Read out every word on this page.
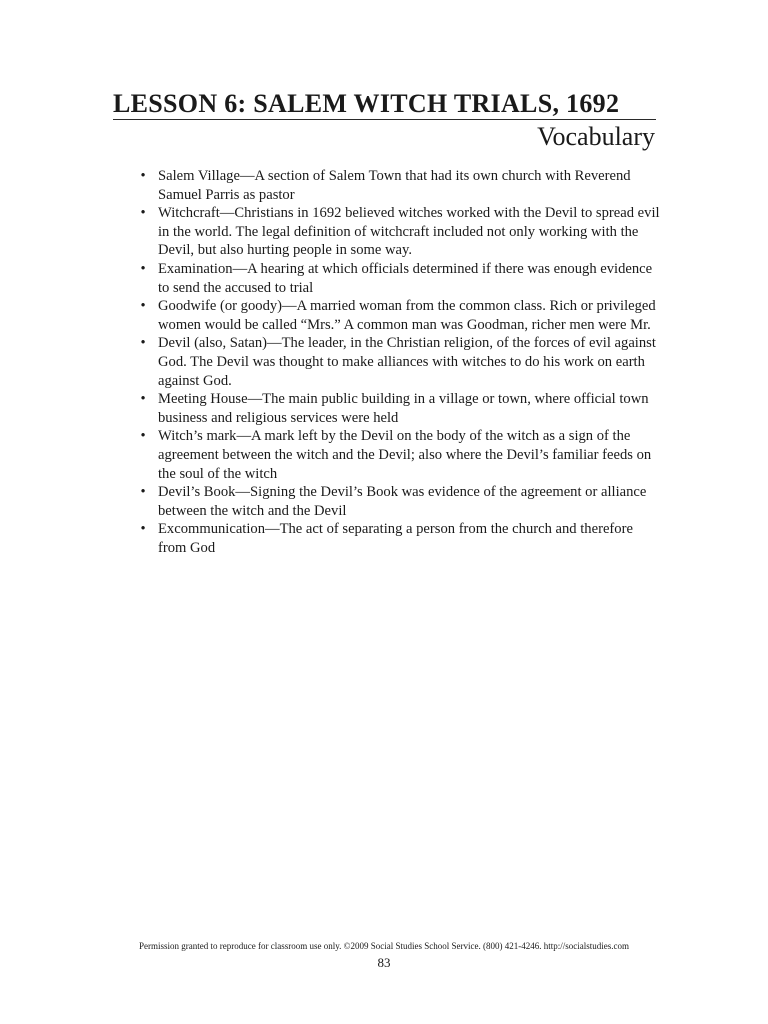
LESSON 6: SALEM WITCH TRIALS, 1692
Vocabulary
• Salem Village—A section of Salem Town that had its own church with Reverend Samuel Parris as pastor
• Witchcraft—Christians in 1692 believed witches worked with the Devil to spread evil in the world. The legal definition of witchcraft included not only working with the Devil, but also hurting people in some way.
• Examination—A hearing at which officials determined if there was enough evidence to send the accused to trial
• Goodwife (or goody)—A married woman from the common class. Rich or privileged women would be called “Mrs.” A common man was Goodman, richer men were Mr.
• Devil (also, Satan)—The leader, in the Christian religion, of the forces of evil against God. The Devil was thought to make alliances with witches to do his work on earth against God.
• Meeting House—The main public building in a village or town, where official town business and religious services were held
• Witch’s mark—A mark left by the Devil on the body of the witch as a sign of the agreement between the witch and the Devil; also where the Devil’s familiar feeds on the soul of the witch
• Devil’s Book—Signing the Devil’s Book was evidence of the agreement or alliance between the witch and the Devil
• Excommunication—The act of separating a person from the church and therefore from God
Permission granted to reproduce for classroom use only. ©2009 Social Studies School Service. (800) 421-4246. http://socialstudies.com
83
